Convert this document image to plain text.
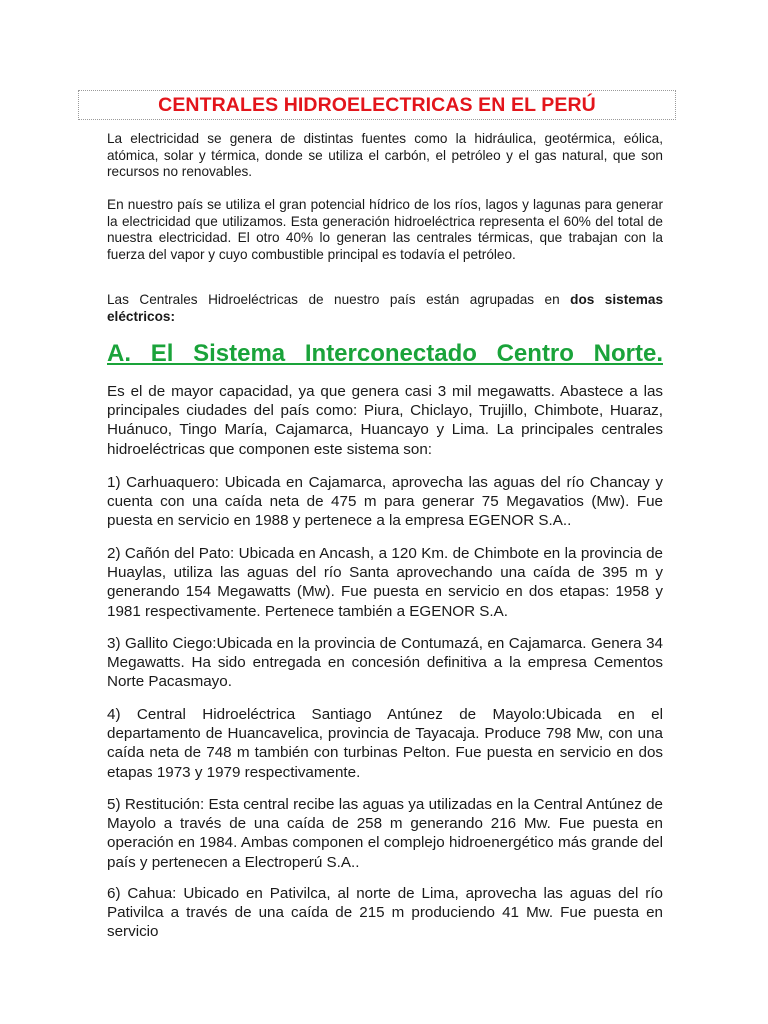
CENTRALES HIDROELECTRICAS EN EL PERÚ

La electricidad se genera de distintas fuentes como la hidráulica, geotérmica, eólica, atómica, solar y térmica, donde se utiliza el carbón, el petróleo y el gas natural, que son recursos no renovables.

En nuestro país se utiliza el gran potencial hídrico de los ríos, lagos y lagunas para generar la electricidad que utilizamos. Esta generación hidroeléctrica representa el 60% del total de nuestra electricidad. El otro 40% lo generan las centrales térmicas, que trabajan con la fuerza del vapor y cuyo combustible principal es todavía el petróleo.

Las Centrales Hidroeléctricas de nuestro país están agrupadas en dos sistemas eléctricos:

A. El Sistema Interconectado Centro Norte.

Es el de mayor capacidad, ya que genera casi 3 mil megawatts. Abastece a las principales ciudades del país como: Piura, Chiclayo, Trujillo, Chimbote, Huaraz, Huánuco, Tingo María, Cajamarca, Huancayo y Lima. La principales centrales hidroeléctricas que componen este sistema son:

1) Carhuaquero: Ubicada en Cajamarca, aprovecha las aguas del río Chancay y cuenta con una caída neta de 475 m para generar 75 Megavatios (Mw). Fue puesta en servicio en 1988 y pertenece a la empresa EGENOR S.A..

2) Cañón del Pato: Ubicada en Ancash, a 120 Km. de Chimbote en la provincia de Huaylas, utiliza las aguas del río Santa aprovechando una caída de 395 m y generando 154 Megawatts (Mw). Fue puesta en servicio en dos etapas: 1958 y 1981 respectivamente. Pertenece también a EGENOR S.A.

3) Gallito Ciego:Ubicada en la provincia de Contumazá, en Cajamarca. Genera 34 Megawatts. Ha sido entregada en concesión definitiva a la empresa Cementos Norte Pacasmayo.

4) Central Hidroeléctrica Santiago Antúnez de Mayolo:Ubicada en el departamento de Huancavelica, provincia de Tayacaja. Produce 798 Mw, con una caída neta de 748 m también con turbinas Pelton. Fue puesta en servicio en dos etapas 1973 y 1979 respectivamente.

5) Restitución: Esta central recibe las aguas ya utilizadas en la Central Antúnez de Mayolo a través de una caída de 258 m generando 216 Mw. Fue puesta en operación en 1984. Ambas componen el complejo hidroenergético más grande del país y pertenecen a Electroperú S.A..

6) Cahua: Ubicado en Pativilca, al norte de Lima, aprovecha las aguas del río Pativilca a través de una caída de 215 m produciendo 41 Mw. Fue puesta en servicio
